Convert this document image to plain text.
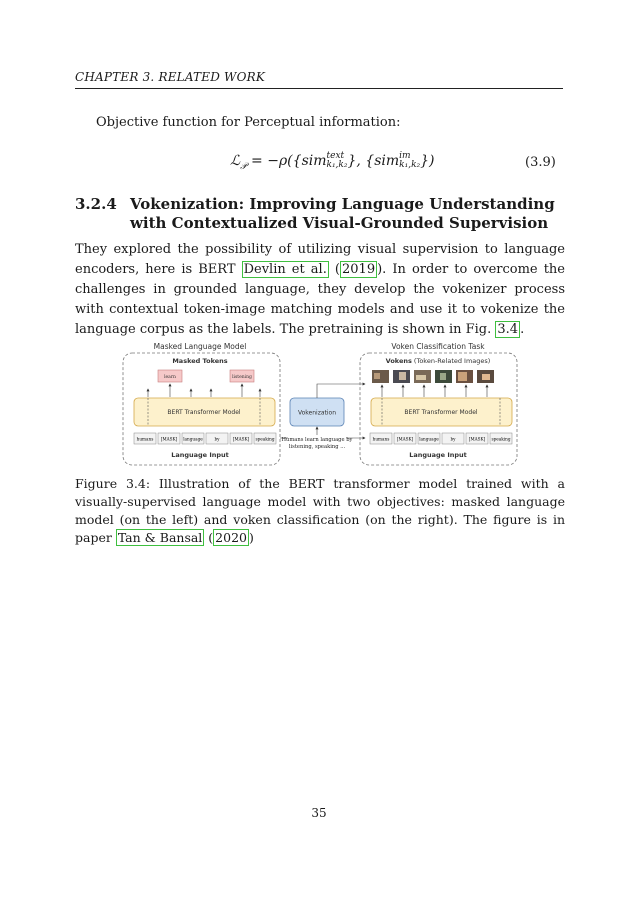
CHAPTER 3. RELATED WORK
Objective function for Perceptual information:
ℒ$_𝒫$ = −ρ({sim text
k₁,k₂ }, {sim im
k₁,k₂ })	(3.9)
3.2.4 Vokenization: Improving Language Understanding with Contextualized Visual-Grounded Supervision
They explored the possibility of utilizing visual supervision to language encoders, here is BERT Devlin et al. ( 2019 ). In order to overcome the challenges in grounded language, they develop the vokenizer process with contextual token-image matching models and use it to vokenize the language corpus as the labels. The pretraining is shown in Fig. 3.4 .
Masked Language Model
Masked Tokens
learn	listening
BERT Transformer Model
humans [MASK] language	by	[MASK] speaking
Language Input
Vokenization
Humans learn language by
listening, speaking ...
Voken Classification Task
Vokens (Token-Related Images)
BERT Transformer Model
humans [MASK] language	by	[MASK] speaking
Language Input
Figure 3.4: Illustration of the BERT transformer model trained with a visually-supervised language model with two objectives: masked language model (on the left) and voken classification (on the right). The figure is in paper Tan & Bansal ( 2020 )
35
